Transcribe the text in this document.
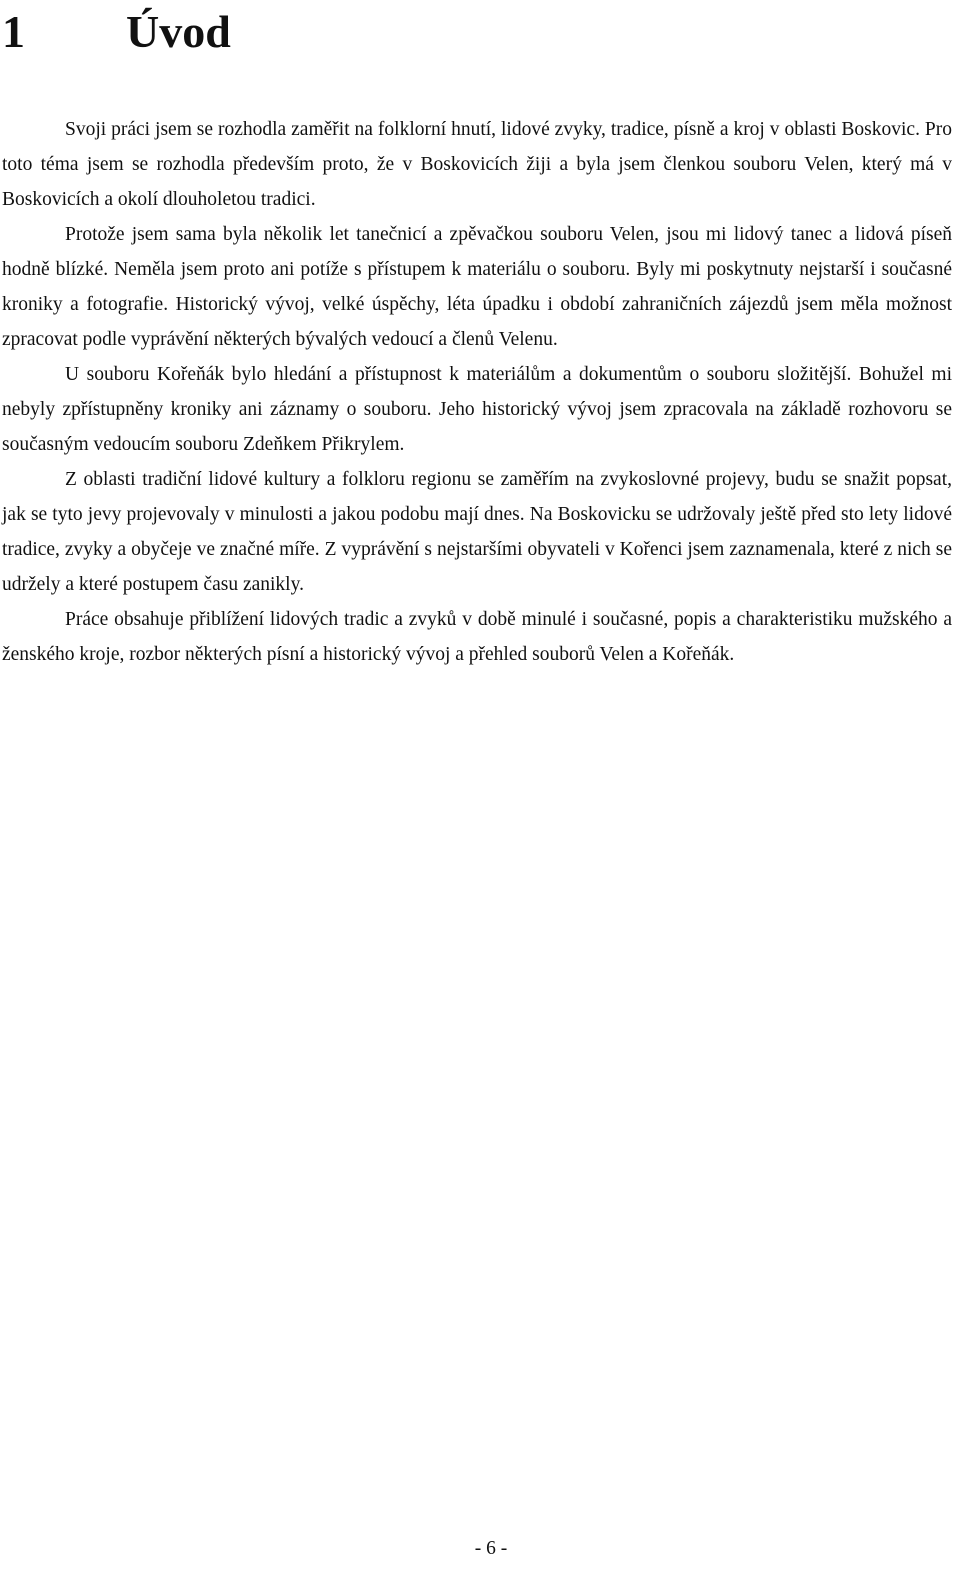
1 Úvod

Svoji práci jsem se rozhodla zaměřit na folklorní hnutí, lidové zvyky, tradice, písně a kroj v oblasti Boskovic. Pro toto téma jsem se rozhodla především proto, že v Boskovicích žiji a byla jsem členkou souboru Velen, který má v Boskovicích a okolí dlouholetou tradici.

Protože jsem sama byla několik let tanečnicí a zpěvačkou souboru Velen, jsou mi lidový tanec a lidová píseň hodně blízké. Neměla jsem proto ani potíže s přístupem k materiálu o souboru. Byly mi poskytnuty nejstarší i současné kroniky a fotografie. Historický vývoj, velké úspěchy, léta úpadku i období zahraničních zájezdů jsem měla možnost zpracovat podle vyprávění některých bývalých vedoucí a členů Velenu.

U souboru Kořeňák bylo hledání a přístupnost k materiálům a dokumentům o souboru složitější. Bohužel mi nebyly zpřístupněny kroniky ani záznamy o souboru. Jeho historický vývoj jsem zpracovala na základě rozhovoru se současným vedoucím souboru Zdeňkem Přikrylem.

Z oblasti tradiční lidové kultury a folkloru regionu se zaměřím na zvykoslovné projevy, budu se snažit popsat, jak se tyto jevy projevovaly v minulosti a jakou podobu mají dnes. Na Boskovicku se udržovaly ještě před sto lety lidové tradice, zvyky a obyčeje ve značné míře. Z vyprávění s nejstaršími obyvateli v Kořenci jsem zaznamenala, které z nich se udržely a které postupem času zanikly.

Práce obsahuje přiblížení lidových tradic a zvyků v době minulé i současné, popis a charakteristiku mužského a ženského kroje, rozbor některých písní a historický vývoj a přehled souborů Velen a Kořeňák.

- 6 -
